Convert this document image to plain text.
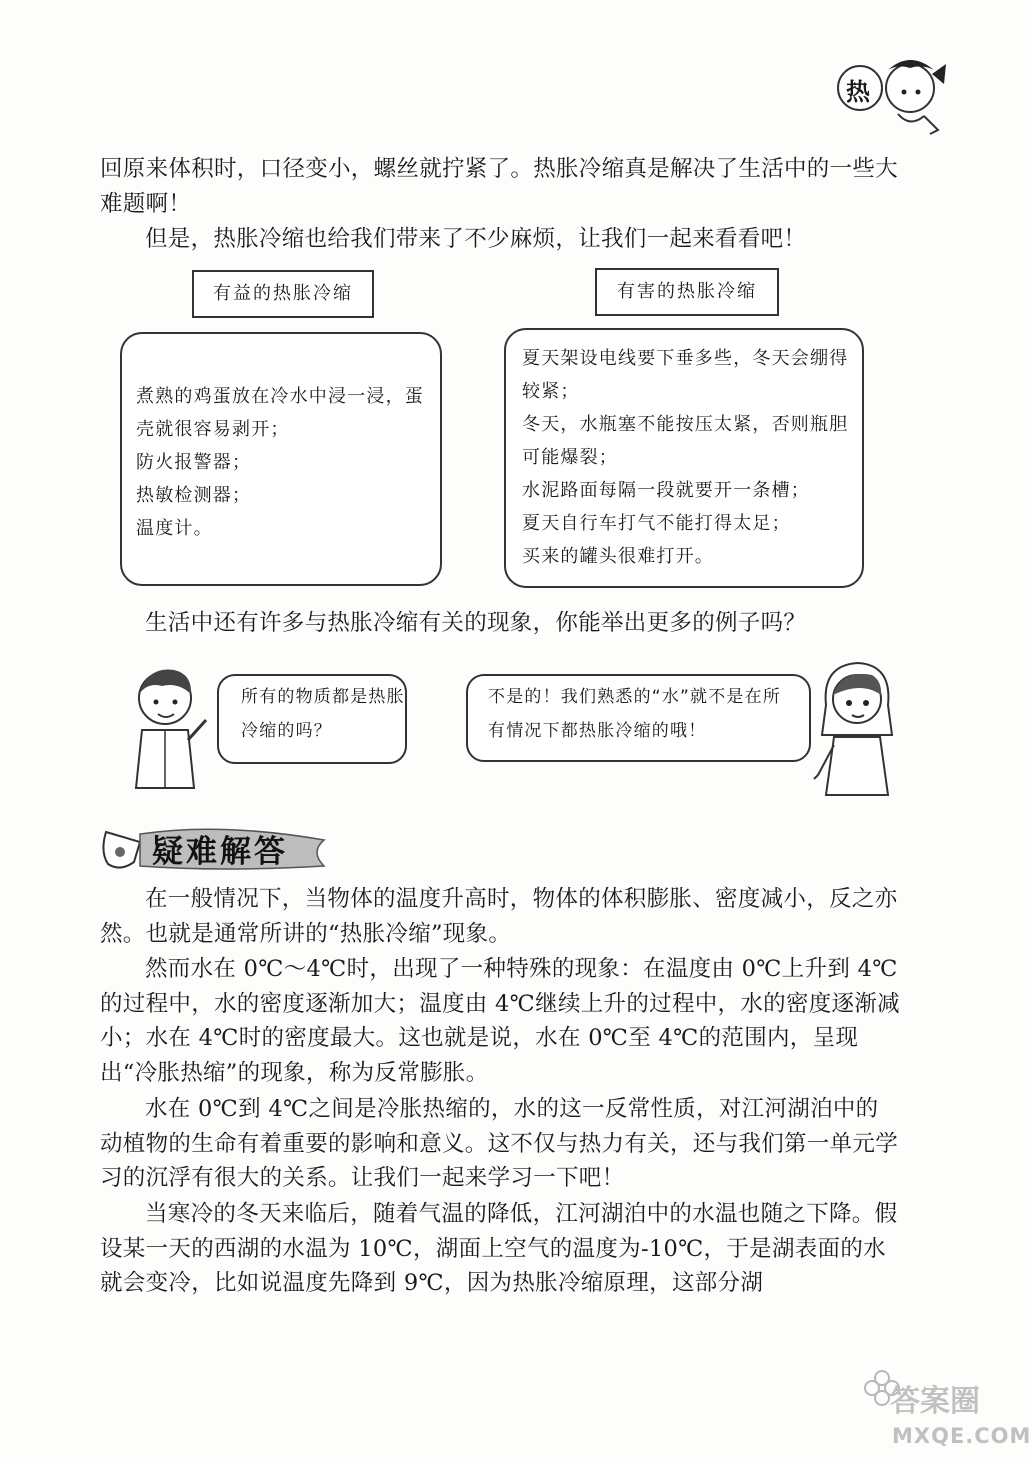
热
回原来体积时，口径变小，螺丝就拧紧了。热胀冷缩真是解决了生活中的一些大难题啊！
但是，热胀冷缩也给我们带来了不少麻烦，让我们一起来看看吧！
有益的热胀冷缩

煮熟的鸡蛋放在冷水中浸一浸，蛋壳就很容易剥开；

防火报警器；

热敏检测器；

温度计。

有害的热胀冷缩

夏天架设电线要下垂多些，冬天会绷得较紧；

冬天，水瓶塞不能按压太紧，否则瓶胆可能爆裂；

水泥路面每隔一段就要开一条槽；

夏天自行车打气不能打得太足；

买来的罐头很难打开。

生活中还有许多与热胀冷缩有关的现象，你能举出更多的例子吗？

所有的物质都是热胀冷缩的吗？

不是的！我们熟悉的“水”就不是在所有情况下都热胀冷缩的哦！

疑难解答
在一般情况下，当物体的温度升高时，物体的体积膨胀、密度减小，反之亦然。也就是通常所讲的“热胀冷缩”现象。
然而水在 0℃～4℃时，出现了一种特殊的现象：在温度由 0℃上升到 4℃的过程中，水的密度逐渐加大；温度由 4℃继续上升的过程中，水的密度逐渐减小；水在 4℃时的密度最大。这也就是说，水在 0℃至 4℃的范围内，呈现出“冷胀热缩”的现象，称为反常膨胀。
水在 0℃到 4℃之间是冷胀热缩的，水的这一反常性质，对江河湖泊中的动植物的生命有着重要的影响和意义。这不仅与热力有关，还与我们第一单元学习的沉浮有很大的关系。让我们一起来学习一下吧！
当寒冷的冬天来临后，随着气温的降低，江河湖泊中的水温也随之下降。假设某一天的西湖的水温为 10℃，湖面上空气的温度为-10℃，于是湖表面的水就会变冷，比如说温度先降到 9℃，因为热胀冷缩原理，这部分湖
答案圈
MXQE.COM
